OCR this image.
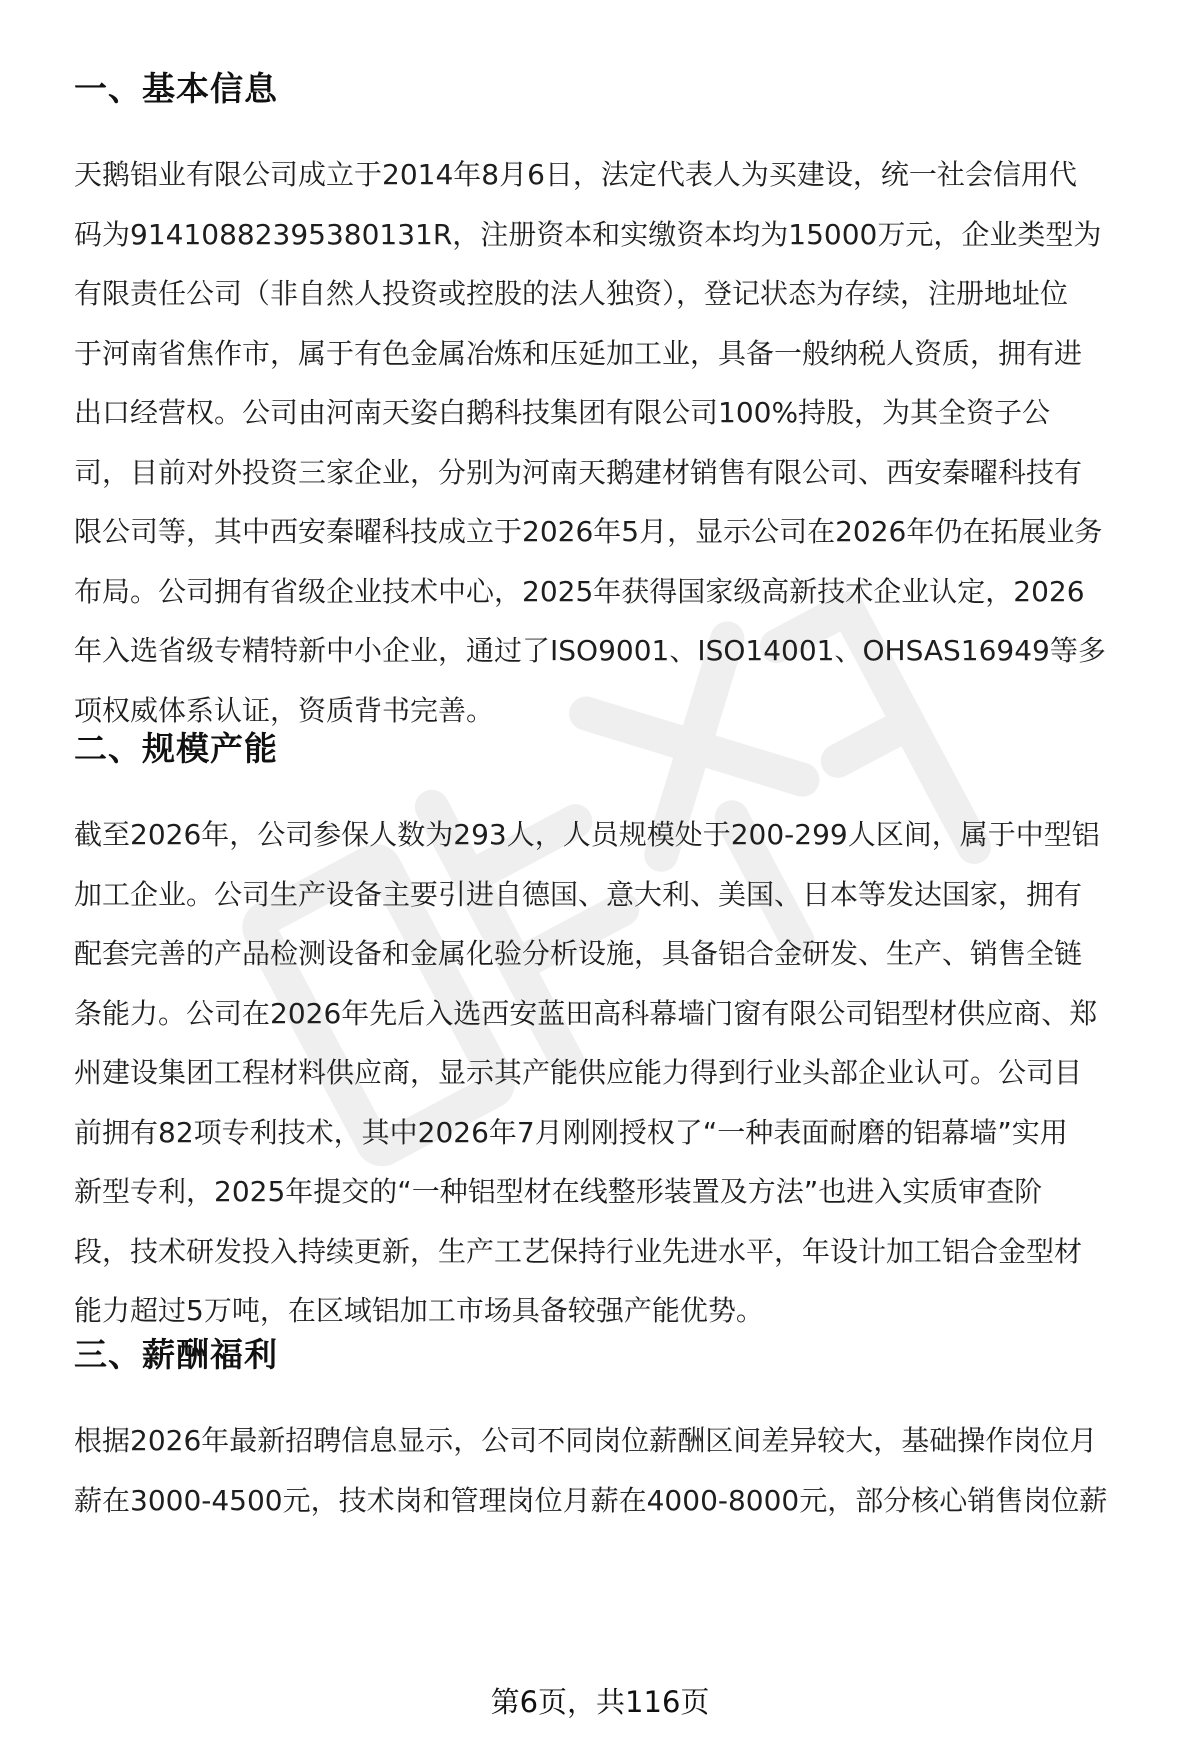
一、基本信息
天鹅铝业有限公司成立于2014年8月6日，法定代表人为买建设，统一社会信用代
码为91410882395380131R，注册资本和实缴资本均为15000万元，企业类型为
有限责任公司（非自然人投资或控股的法人独资），登记状态为存续，注册地址位
于河南省焦作市，属于有色金属冶炼和压延加工业，具备一般纳税人资质，拥有进
出口经营权。公司由河南天姿白鹅科技集团有限公司100%持股，为其全资子公
司，目前对外投资三家企业，分别为河南天鹅建材销售有限公司、西安秦曜科技有
限公司等，其中西安秦曜科技成立于2026年5月，显示公司在2026年仍在拓展业务
布局。公司拥有省级企业技术中心，2025年获得国家级高新技术企业认定，2026
年入选省级专精特新中小企业，通过了ISO9001、ISO14001、OHSAS16949等多
项权威体系认证，资质背书完善。
二、规模产能
截至2026年，公司参保人数为293人，人员规模处于200-299人区间，属于中型铝
加工企业。公司生产设备主要引进自德国、意大利、美国、日本等发达国家，拥有
配套完善的产品检测设备和金属化验分析设施，具备铝合金研发、生产、销售全链
条能力。公司在2026年先后入选西安蓝田高科幕墙门窗有限公司铝型材供应商、郑
州建设集团工程材料供应商，显示其产能供应能力得到行业头部企业认可。公司目
前拥有82项专利技术，其中2026年7月刚刚授权了“一种表面耐磨的铝幕墙”实用
新型专利，2025年提交的“一种铝型材在线整形装置及方法”也进入实质审查阶
段，技术研发投入持续更新，生产工艺保持行业先进水平，年设计加工铝合金型材
能力超过5万吨，在区域铝加工市场具备较强产能优势。
三、薪酬福利
根据2026年最新招聘信息显示，公司不同岗位薪酬区间差异较大，基础操作岗位月
薪在3000-4500元，技术岗和管理岗位月薪在4000-8000元，部分核心销售岗位薪
第6页，共116页
